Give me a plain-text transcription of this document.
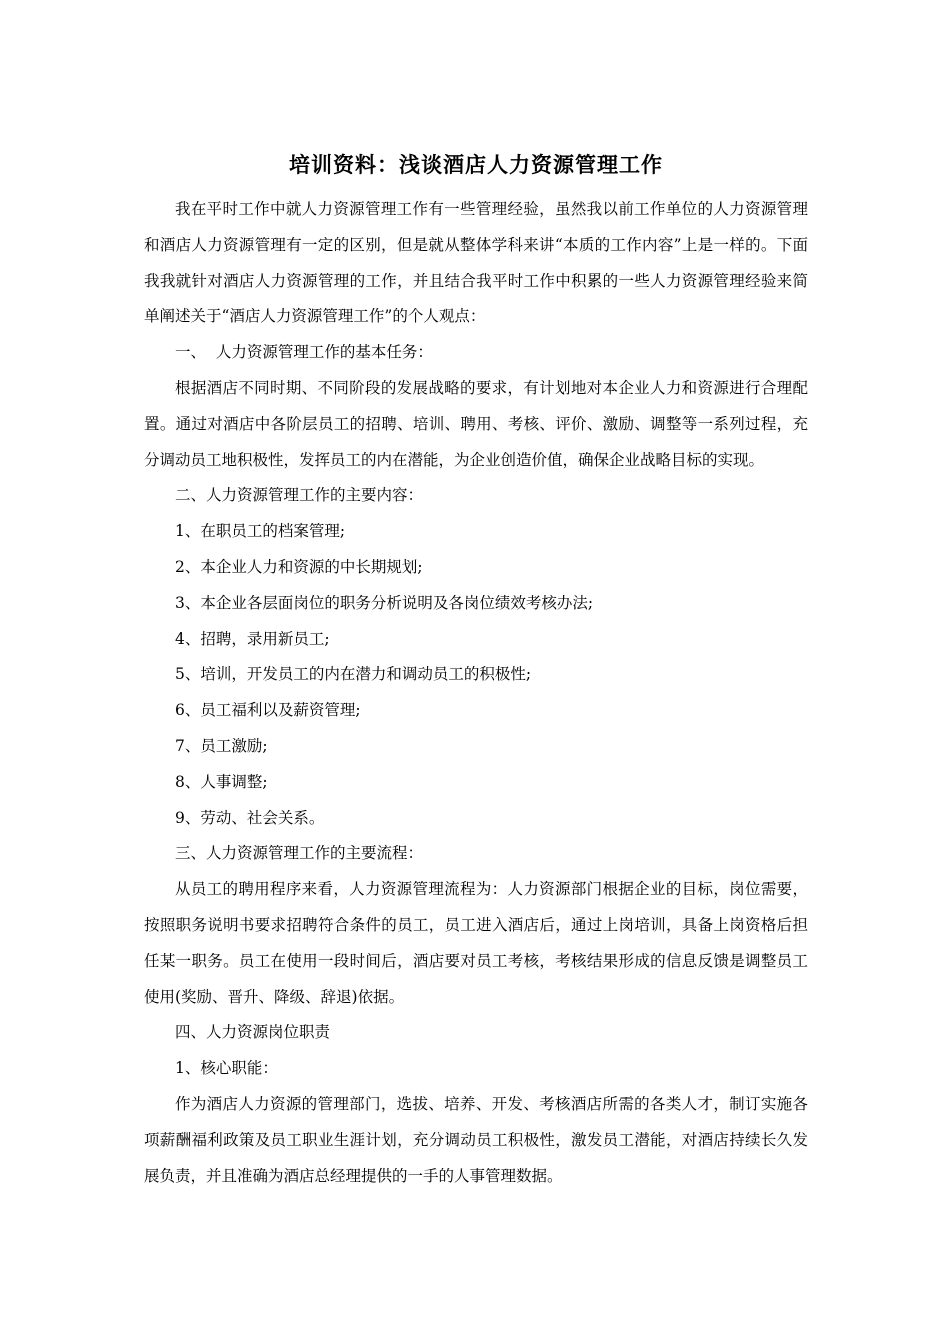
培训资料：浅谈酒店人力资源管理工作

我在平时工作中就人力资源管理工作有一些管理经验，虽然我以前工作单位的人力资源管理和酒店人力资源管理有一定的区别，但是就从整体学科来讲“本质的工作内容”上是一样的。下面我我就针对酒店人力资源管理的工作，并且结合我平时工作中积累的一些人力资源管理经验来简单阐述关于“酒店人力资源管理工作”的个人观点：

一、  人力资源管理工作的基本任务：

根据酒店不同时期、不同阶段的发展战略的要求，有计划地对本企业人力和资源进行合理配置。通过对酒店中各阶层员工的招聘、培训、聘用、考核、评价、激励、调整等一系列过程，充分调动员工地积极性，发挥员工的内在潜能，为企业创造价值，确保企业战略目标的实现。

二、人力资源管理工作的主要内容：

1、在职员工的档案管理;

2、本企业人力和资源的中长期规划;

3、本企业各层面岗位的职务分析说明及各岗位绩效考核办法;

4、招聘，录用新员工;

5、培训，开发员工的内在潜力和调动员工的积极性;

6、员工福利以及薪资管理;

7、员工激励;

8、人事调整;

9、劳动、社会关系。

三、人力资源管理工作的主要流程：

从员工的聘用程序来看，人力资源管理流程为：人力资源部门根据企业的目标，岗位需要，按照职务说明书要求招聘符合条件的员工，员工进入酒店后，通过上岗培训，具备上岗资格后担任某一职务。员工在使用一段时间后，酒店要对员工考核，考核结果形成的信息反馈是调整员工使用(奖励、晋升、降级、辞退)依据。

四、人力资源岗位职责

1、核心职能：

作为酒店人力资源的管理部门，选拔、培养、开发、考核酒店所需的各类人才，制订实施各项薪酬福利政策及员工职业生涯计划，充分调动员工积极性，激发员工潜能，对酒店持续长久发展负责，并且准确为酒店总经理提供的一手的人事管理数据。
